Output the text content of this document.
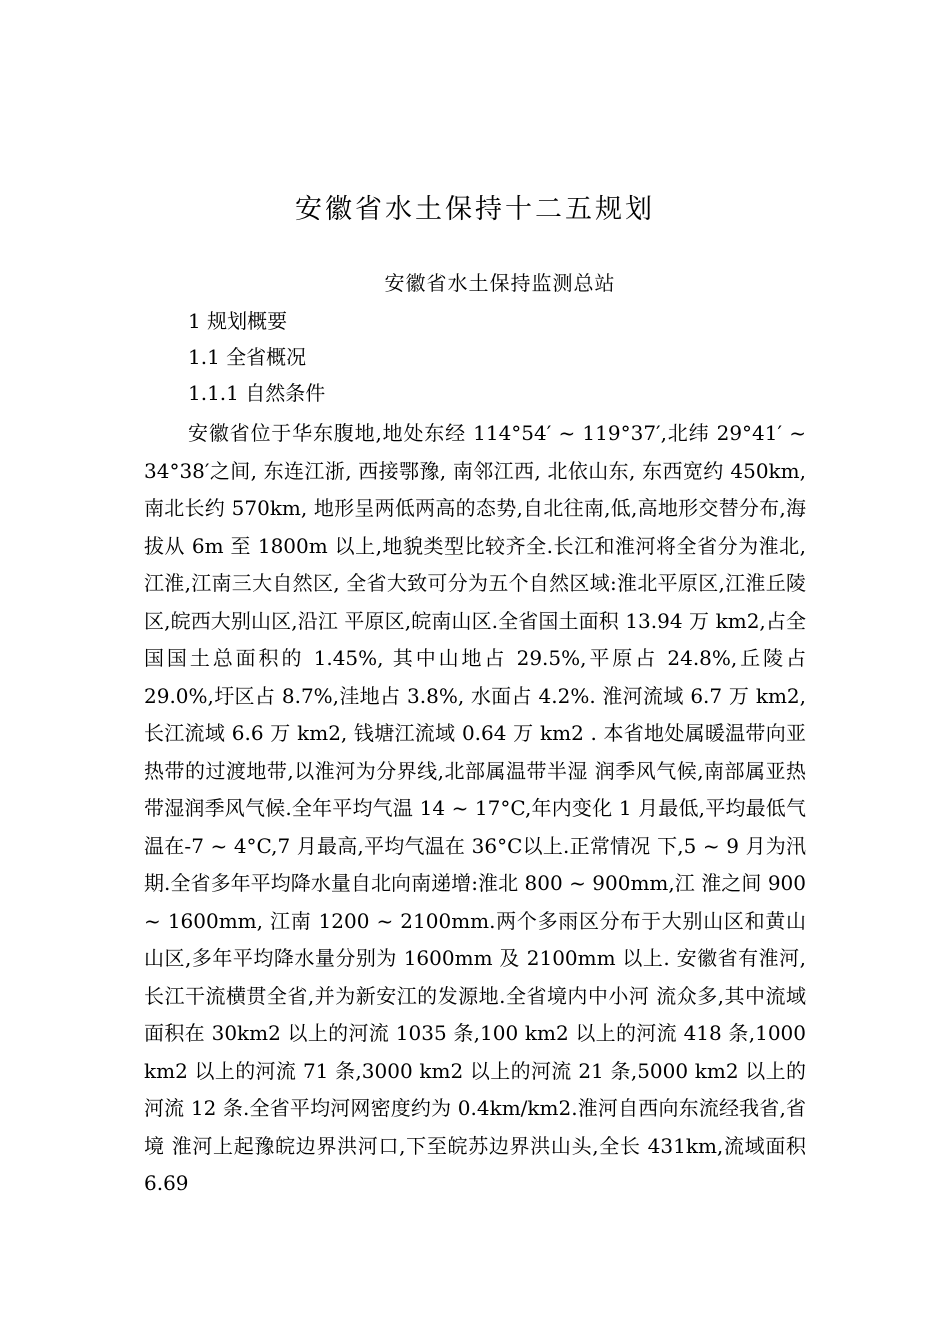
安徽省水土保持十二五规划
安徽省水土保持监测总站
1 规划概要
1.1 全省概况
1.1.1 自然条件

安徽省位于华东腹地,地处东经 114°54′ ~ 119°37′,北纬 29°41′ ~ 34°38′之间, 东连江浙, 西接鄂豫, 南邻江西, 北依山东, 东西宽约 450km, 南北长约 570km, 地形呈两低两高的态势,自北往南,低,高地形交替分布,海拔从 6m 至 1800m 以上,地貌类型比较齐全.长江和淮河将全省分为淮北,江淮,江南三大自然区, 全省大致可分为五个自然区域:淮北平原区,江淮丘陵区,皖西大别山区,沿江 平原区,皖南山区.全省国土面积 13.94 万 km2,占全国国土总面积的 1.45%, 其中山地占 29.5%,平原占 24.8%,丘陵占 29.0%,圩区占 8.7%,洼地占 3.8%, 水面占 4.2%. 淮河流域 6.7 万 km2, 长江流域 6.6 万 km2, 钱塘江流域 0.64 万 km2 . 本省地处属暖温带向亚热带的过渡地带,以淮河为分界线,北部属温带半湿 润季风气候,南部属亚热带湿润季风气候.全年平均气温 14 ~ 17°C,年内变化 1 月最低,平均最低气温在-7 ~ 4°C,7 月最高,平均气温在 36°C以上.正常情况 下,5 ~ 9 月为汛期.全省多年平均降水量自北向南递增:淮北 800 ~ 900mm,江 淮之间 900 ~ 1600mm, 江南 1200 ~ 2100mm.两个多雨区分布于大别山区和黄山 山区,多年平均降水量分别为 1600mm 及 2100mm 以上. 安徽省有淮河,长江干流横贯全省,并为新安江的发源地.全省境内中小河 流众多,其中流域面积在 30km2 以上的河流 1035 条,100 km2 以上的河流 418 条,1000 km2 以上的河流 71 条,3000 km2 以上的河流 21 条,5000 km2 以上的 河流 12 条.全省平均河网密度约为 0.4km/km2.淮河自西向东流经我省,省境 淮河上起豫皖边界洪河口,下至皖苏边界洪山头,全长 431km,流域面积 6.69
